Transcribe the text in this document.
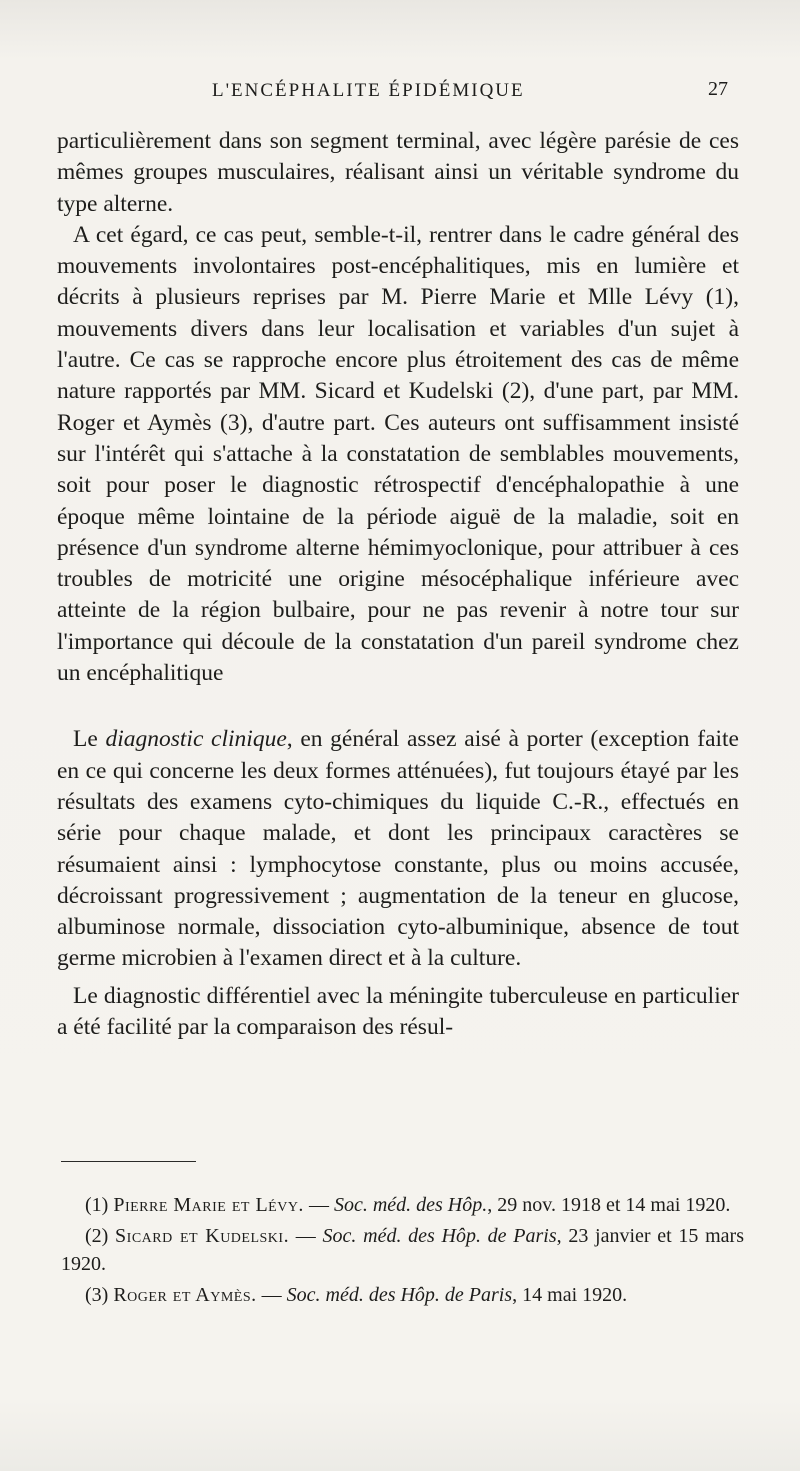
L'ENCÉPHALITE ÉPIDÉMIQUE	27

particulièrement dans son segment terminal, avec légère parésie de ces mêmes groupes musculaires, réalisant ainsi un véritable syndrome du type alterne.

A cet égard, ce cas peut, semble-t-il, rentrer dans le cadre général des mouvements involontaires post-encéphalitiques, mis en lumière et décrits à plusieurs reprises par M. Pierre Marie et Mlle Lévy (1), mouvements divers dans leur localisation et variables d'un sujet à l'autre. Ce cas se rapproche encore plus étroitement des cas de même nature rapportés par MM. Sicard et Kudelski (2), d'une part, par MM. Roger et Aymès (3), d'autre part. Ces auteurs ont suffisamment insisté sur l'intérêt qui s'attache à la constatation de semblables mouvements, soit pour poser le diagnostic rétrospectif d'encéphalopathie à une époque même lointaine de la période aiguë de la maladie, soit en présence d'un syndrome alterne hémimyoclonique, pour attribuer à ces troubles de motricité une origine mésocéphalique inférieure avec atteinte de la région bulbaire, pour ne pas revenir à notre tour sur l'importance qui découle de la constatation d'un pareil syndrome chez un encéphalitique

Le diagnostic clinique, en général assez aisé à porter (exception faite en ce qui concerne les deux formes atténuées), fut toujours étayé par les résultats des examens cyto-chimiques du liquide C.-R., effectués en série pour chaque malade, et dont les principaux caractères se résumaient ainsi : lymphocytose constante, plus ou moins accusée, décroissant progressivement ; augmentation de la teneur en glucose, albuminose normale, dissociation cyto-albuminique, absence de tout germe microbien à l'examen direct et à la culture.

Le diagnostic différentiel avec la méningite tuberculeuse en particulier a été facilité par la comparaison des résul-

(1) Pierre Marie et Lévy. — Soc. méd. des Hôp., 29 nov. 1918 et 14 mai 1920.

(2) Sicard et Kudelski. — Soc. méd. des Hôp. de Paris, 23 janvier et 15 mars 1920.

(3) Roger et Aymès. — Soc. méd. des Hôp. de Paris, 14 mai 1920.
